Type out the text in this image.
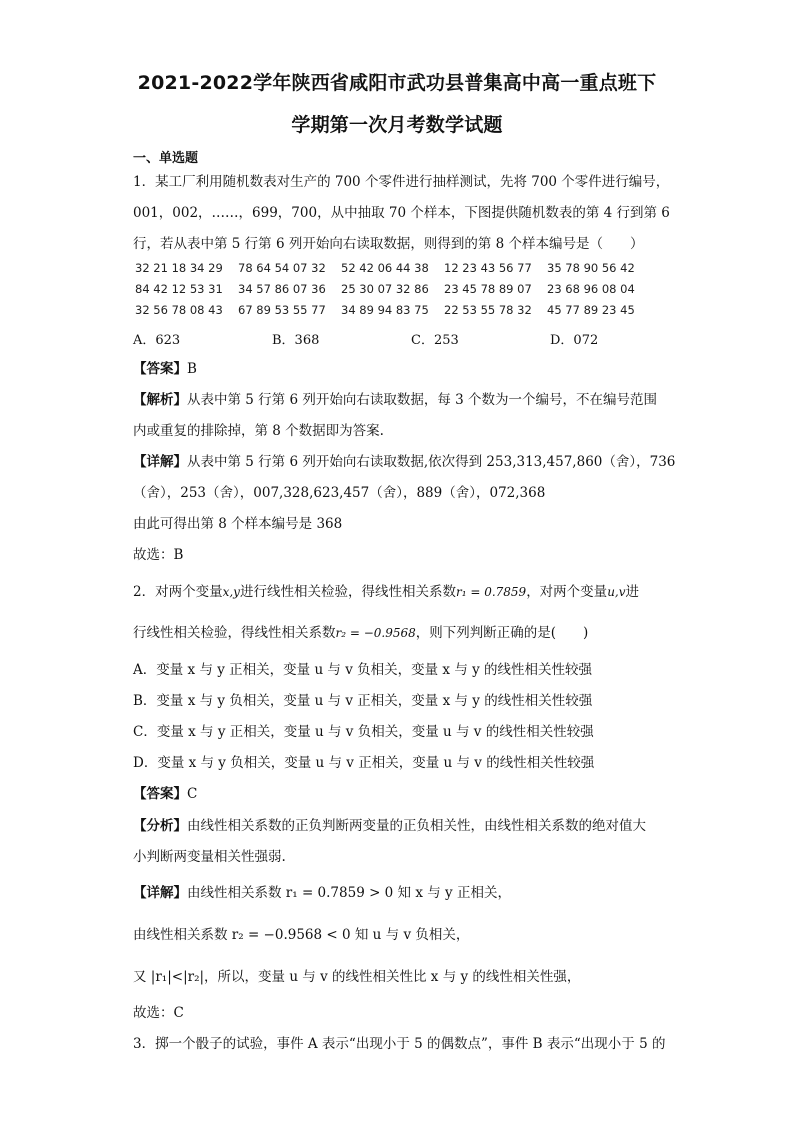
2021-2022学年陕西省咸阳市武功县普集高中高一重点班下
学期第一次月考数学试题
一、单选题
1．某工厂利用随机数表对生产的 700 个零件进行抽样测试，先将 700 个零件进行编号，
001，002，……，699，700，从中抽取 70 个样本，下图提供随机数表的第 4 行到第 6
行，若从表中第 5 行第 6 列开始向右读取数据，则得到的第 8 个样本编号是（　　）
32 21 18 34 29 78 64 54 07 32 52 42 06 44 38 12 23 43 56 77 35 78 90 56 42
84 42 12 53 31 34 57 86 07 36 25 30 07 32 86 23 45 78 89 07 23 68 96 08 04
32 56 78 08 43 67 89 53 55 77 34 89 94 83 75 22 53 55 78 32 45 77 89 23 45
A．623	B．368	C．253	D．072
【答案】B
【解析】从表中第 5 行第 6 列开始向右读取数据，每 3 个数为一个编号，不在编号范围
内或重复的排除掉，第 8 个数据即为答案.
【详解】从表中第 5 行第 6 列开始向右读取数据,依次得到 253,313,457,860（舍），736
（舍），253（舍），007,328,623,457（舍），889（舍），072,368
由此可得出第 8 个样本编号是 368
故选：B
2．对两个变量x,y进行线性相关检验，得线性相关系数r₁ = 0.7859，对两个变量u,v进
行线性相关检验，得线性相关系数r₂ = −0.9568，则下列判断正确的是(　　)
A．变量 x 与 y 正相关，变量 u 与 v 负相关，变量 x 与 y 的线性相关性较强
B．变量 x 与 y 负相关，变量 u 与 v 正相关，变量 x 与 y 的线性相关性较强
C．变量 x 与 y 正相关，变量 u 与 v 负相关，变量 u 与 v 的线性相关性较强
D．变量 x 与 y 负相关，变量 u 与 v 正相关，变量 u 与 v 的线性相关性较强
【答案】C
【分析】由线性相关系数的正负判断两变量的正负相关性，由线性相关系数的绝对值大
小判断两变量相关性强弱.
【详解】由线性相关系数 r₁ = 0.7859 > 0 知 x 与 y 正相关，
由线性相关系数 r₂ = −0.9568 < 0 知 u 与 v 负相关，
又 |r₁|<|r₂|，所以，变量 u 与 v 的线性相关性比 x 与 y 的线性相关性强，
故选：C
3．掷一个骰子的试验，事件 A 表示“出现小于 5 的偶数点”，事件 B 表示“出现小于 5 的
